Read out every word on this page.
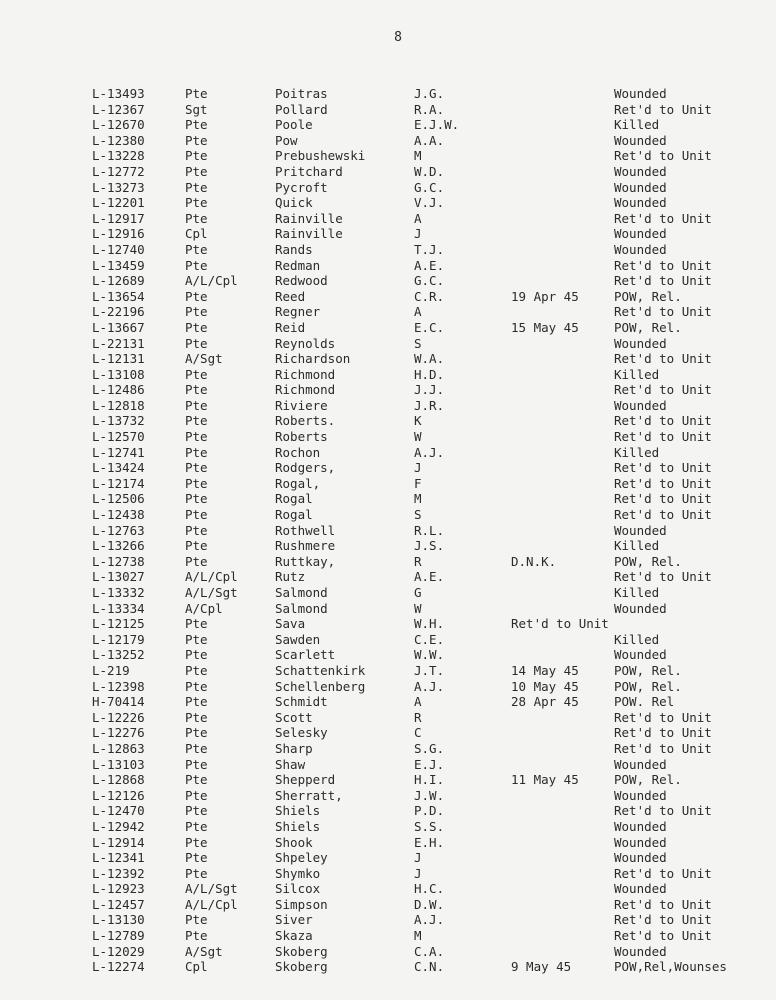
8
L-13493	Pte	Poitras	J.G.	Wounded
L-12367	Sgt	Pollard	R.A.	Ret'd to Unit
L-12670	Pte	Poole	E.J.W.	Killed
L-12380	Pte	Pow	A.A.	Wounded
L-13228	Pte	Prebushewski	M	Ret'd to Unit
L-12772	Pte	Pritchard	W.D.	Wounded
L-13273	Pte	Pycroft	G.C.	Wounded
L-12201	Pte	Quick	V.J.	Wounded
L-12917	Pte	Rainville	A	Ret'd to Unit
L-12916	Cpl	Rainville	J	Wounded
L-12740	Pte	Rands	T.J.	Wounded
L-13459	Pte	Redman	A.E.	Ret'd to Unit
L-12689	A/L/Cpl	Redwood	G.C.	Ret'd to Unit
L-13654	Pte	Reed	C.R.	19 Apr 45	POW, Rel.
L-22196	Pte	Regner	A	Ret'd to Unit
L-13667	Pte	Reid	E.C.	15 May 45	POW, Rel.
L-22131	Pte	Reynolds	S	Wounded
L-12131	A/Sgt	Richardson	W.A.	Ret'd to Unit
L-13108	Pte	Richmond	H.D.	Killed
L-12486	Pte	Richmond	J.J.	Ret'd to Unit
L-12818	Pte	Riviere	J.R.	Wounded
L-13732	Pte	Roberts.	K	Ret'd to Unit
L-12570	Pte	Roberts	W	Ret'd to Unit
L-12741	Pte	Rochon	A.J.	Killed
L-13424	Pte	Rodgers,	J	Ret'd to Unit
L-12174	Pte	Rogal,	F	Ret'd to Unit
L-12506	Pte	Rogal	M	Ret'd to Unit
L-12438	Pte	Rogal	S	Ret'd to Unit
L-12763	Pte	Rothwell	R.L.	Wounded
L-13266	Pte	Rushmere	J.S.	Killed
L-12738	Pte	Ruttkay,	R	D.N.K.	POW, Rel.
L-13027	A/L/Cpl	Rutz	A.E.	Ret'd to Unit
L-13332	A/L/Sgt	Salmond	G	Killed
L-13334	A/Cpl	Salmond	W	Wounded
L-12125	Pte	Sava	W.H.	Ret'd to Unit
L-12179	Pte	Sawden	C.E.	Killed
L-13252	Pte	Scarlett	W.W.	Wounded
L-219	Pte	Schattenkirk	J.T.	14 May 45	POW, Rel.
L-12398	Pte	Schellenberg	A.J.	10 May 45	POW, Rel.
H-70414	Pte	Schmidt	A	28 Apr 45	POW. Rel
L-12226	Pte	Scott	R	Ret'd to Unit
L-12276	Pte	Selesky	C	Ret'd to Unit
L-12863	Pte	Sharp	S.G.	Ret'd to Unit
L-13103	Pte	Shaw	E.J.	Wounded
L-12868	Pte	Shepperd	H.I.	11 May 45	POW, Rel.
L-12126	Pte	Sherratt,	J.W.	Wounded
L-12470	Pte	Shiels	P.D.	Ret'd to Unit
L-12942	Pte	Shiels	S.S.	Wounded
L-12914	Pte	Shook	E.H.	Wounded
L-12341	Pte	Shpeley	J	Wounded
L-12392	Pte	Shymko	J	Ret'd to Unit
L-12923	A/L/Sgt	Silcox	H.C.	Wounded
L-12457	A/L/Cpl	Simpson	D.W.	Ret'd to Unit
L-13130	Pte	Siver	A.J.	Ret'd to Unit
L-12789	Pte	Skaza	M	Ret'd to Unit
L-12029	A/Sgt	Skoberg	C.A.	Wounded
L-12274	Cpl	Skoberg	C.N.	9 May 45	POW,Rel,Wounses
